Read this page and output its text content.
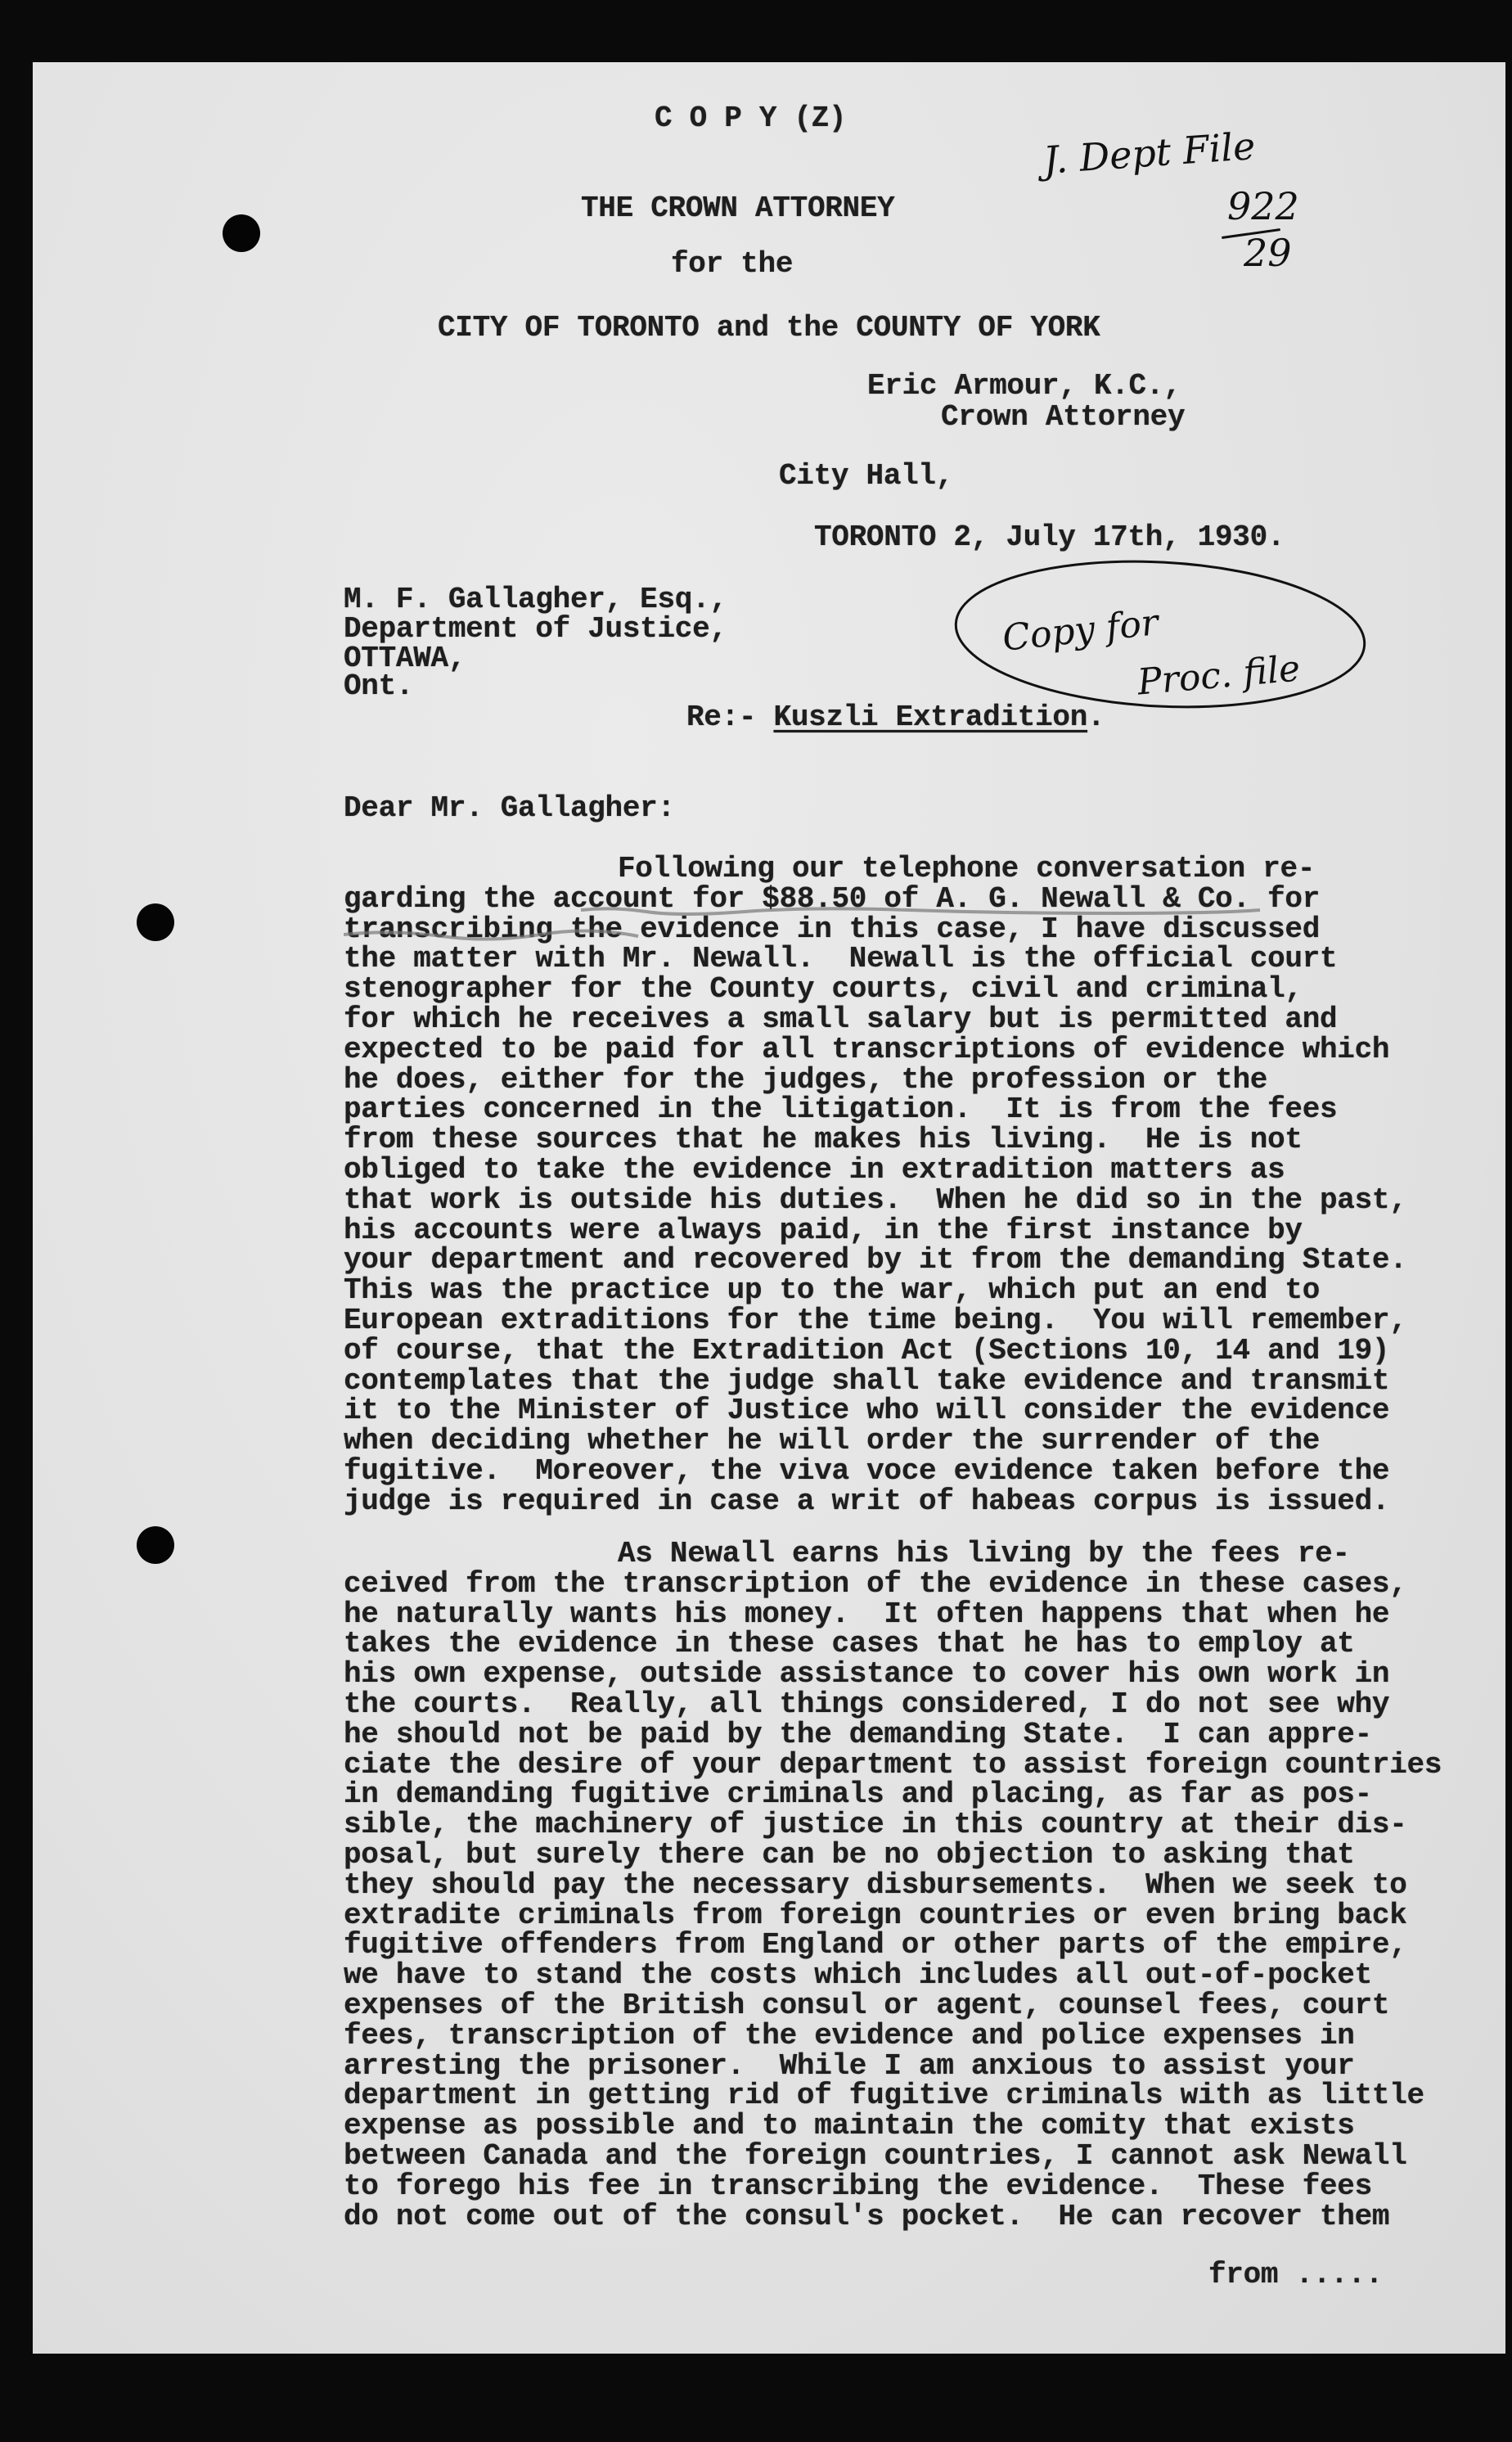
C O P Y (Z)
THE CROWN ATTORNEY
for the
CITY OF TORONTO and the COUNTY OF YORK
Eric Armour, K.C.,
Crown Attorney
City Hall,
TORONTO 2, July 17th, 1930.
J. Dept File
922
29
Copy for
Proc. file
M. F. Gallagher, Esq.,
Department of Justice,
OTTAWA,
Ont.
Re:- Kuszli Extradition.
Dear Mr. Gallagher:
Following our telephone conversation re-
garding the account for $88.50 of A. G. Newall & Co. for
transcribing the evidence in this case, I have discussed
the matter with Mr. Newall.  Newall is the official court
stenographer for the County courts, civil and criminal,
for which he receives a small salary but is permitted and
expected to be paid for all transcriptions of evidence which
he does, either for the judges, the profession or the
parties concerned in the litigation.  It is from the fees
from these sources that he makes his living.  He is not
obliged to take the evidence in extradition matters as
that work is outside his duties.  When he did so in the past,
his accounts were always paid, in the first instance by
your department and recovered by it from the demanding State.
This was the practice up to the war, which put an end to
European extraditions for the time being.  You will remember,
of course, that the Extradition Act (Sections 10, 14 and 19)
contemplates that the judge shall take evidence and transmit
it to the Minister of Justice who will consider the evidence
when deciding whether he will order the surrender of the
fugitive.  Moreover, the viva voce evidence taken before the
judge is required in case a writ of habeas corpus is issued.
As Newall earns his living by the fees re-
ceived from the transcription of the evidence in these cases,
he naturally wants his money.  It often happens that when he
takes the evidence in these cases that he has to employ at
his own expense, outside assistance to cover his own work in
the courts.  Really, all things considered, I do not see why
he should not be paid by the demanding State.  I can appre-
ciate the desire of your department to assist foreign countries
in demanding fugitive criminals and placing, as far as pos-
sible, the machinery of justice in this country at their dis-
posal, but surely there can be no objection to asking that
they should pay the necessary disbursements.  When we seek to
extradite criminals from foreign countries or even bring back
fugitive offenders from England or other parts of the empire,
we have to stand the costs which includes all out-of-pocket
expenses of the British consul or agent, counsel fees, court
fees, transcription of the evidence and police expenses in
arresting the prisoner.  While I am anxious to assist your
department in getting rid of fugitive criminals with as little
expense as possible and to maintain the comity that exists
between Canada and the foreign countries, I cannot ask Newall
to forego his fee in transcribing the evidence.  These fees
do not come out of the consul's pocket.  He can recover them
from .....
